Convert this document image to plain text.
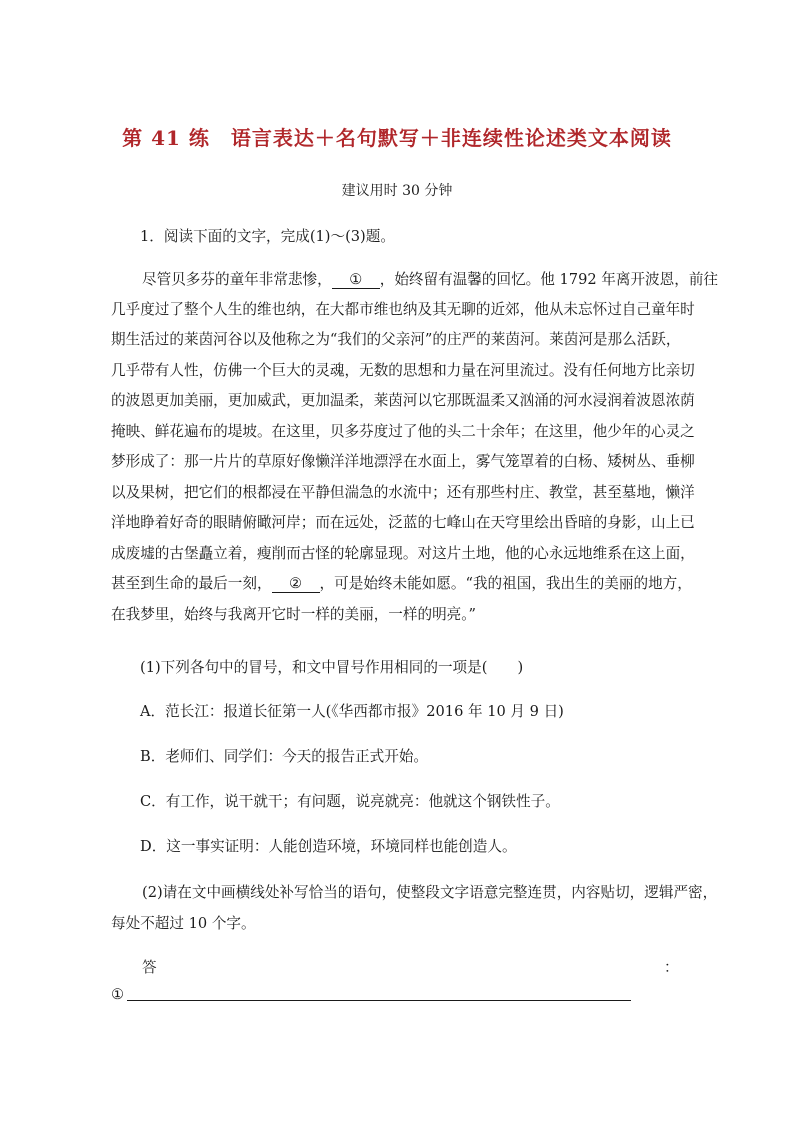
第 41 练　语言表达＋名句默写＋非连续性论述类文本阅读
建议用时 30 分钟
1．阅读下面的文字，完成(1)～(3)题。
尽管贝多芬的童年非常悲惨， ① ，始终留有温馨的回忆。他 1792 年离开波恩，前往
几乎度过了整个人生的维也纳，在大都市维也纳及其无聊的近郊，他从未忘怀过自己童年时
期生活过的莱茵河谷以及他称之为“我们的父亲河”的庄严的莱茵河。莱茵河是那么活跃，
几乎带有人性，仿佛一个巨大的灵魂，无数的思想和力量在河里流过。没有任何地方比亲切
的波恩更加美丽，更加威武，更加温柔，莱茵河以它那既温柔又汹涌的河水浸润着波恩浓荫
掩映、鲜花遍布的堤坡。在这里，贝多芬度过了他的头二十余年；在这里，他少年的心灵之
梦形成了：那一片片的草原好像懒洋洋地漂浮在水面上，雾气笼罩着的白杨、矮树丛、垂柳
以及果树，把它们的根都浸在平静但湍急的水流中；还有那些村庄、教堂，甚至墓地，懒洋
洋地睁着好奇的眼睛俯瞰河岸；而在远处，泛蓝的七峰山在天穹里绘出昏暗的身影，山上已
成废墟的古堡矗立着，瘦削而古怪的轮廓显现。对这片土地，他的心永远地维系在这上面，
甚至到生命的最后一刻， ② ，可是始终未能如愿。“我的祖国，我出生的美丽的地方，
在我梦里，始终与我离开它时一样的美丽，一样的明亮。”
(1)下列各句中的冒号，和文中冒号作用相同的一项是( )
A．范长江：报道长征第一人(《华西都市报》2016 年 10 月 9 日)
B．老师们、同学们：今天的报告正式开始。
C．有工作，说干就干；有问题，说亮就亮：他就这个钢铁性子。
D．这一事实证明：人能创造环境，环境同样也能创造人。
(2)请在文中画横线处补写恰当的语句，使整段文字语意完整连贯，内容贴切，逻辑严密，
每处不超过 10 个字。
答	：
①
